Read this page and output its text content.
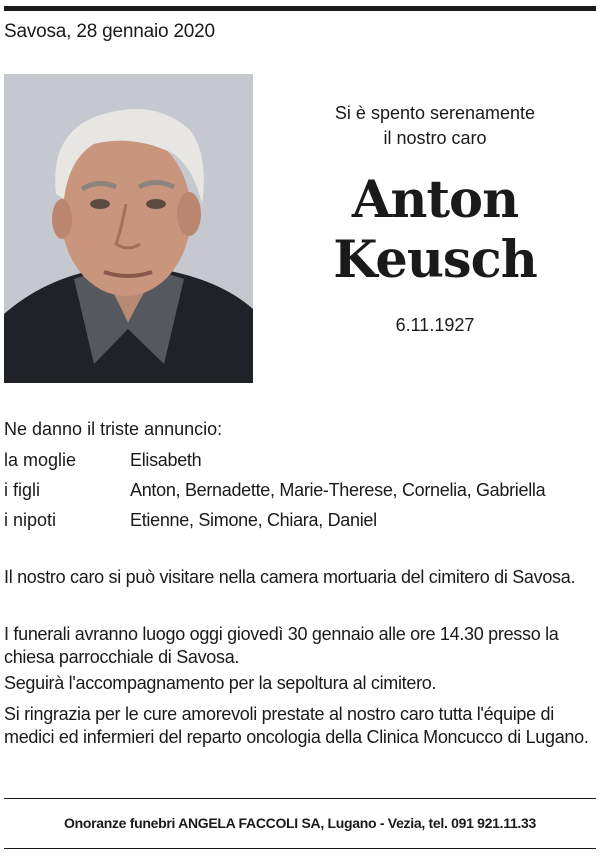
Savosa, 28 gennaio 2020
Si è spento serenamente
il nostro caro
Anton
Keusch
6.11.1927
Ne danno il triste annuncio:
la moglie	Elisabeth
i figli	Anton, Bernadette, Marie-Therese, Cornelia, Gabriella
i nipoti	Etienne, Simone, Chiara, Daniel
Il nostro caro si può visitare nella camera mortuaria del cimitero di Savosa.
I funerali avranno luogo oggi giovedì 30 gennaio alle ore 14.30 presso la chiesa parrocchiale di Savosa.
Seguirà l'accompagnamento per la sepoltura al cimitero.
Si ringrazia per le cure amorevoli prestate al nostro caro tutta l'équipe di medici ed infermieri del reparto oncologia della Clinica Moncucco di Lugano.
Onoranze funebri ANGELA FACCOLI SA, Lugano - Vezia, tel. 091 921.11.33
